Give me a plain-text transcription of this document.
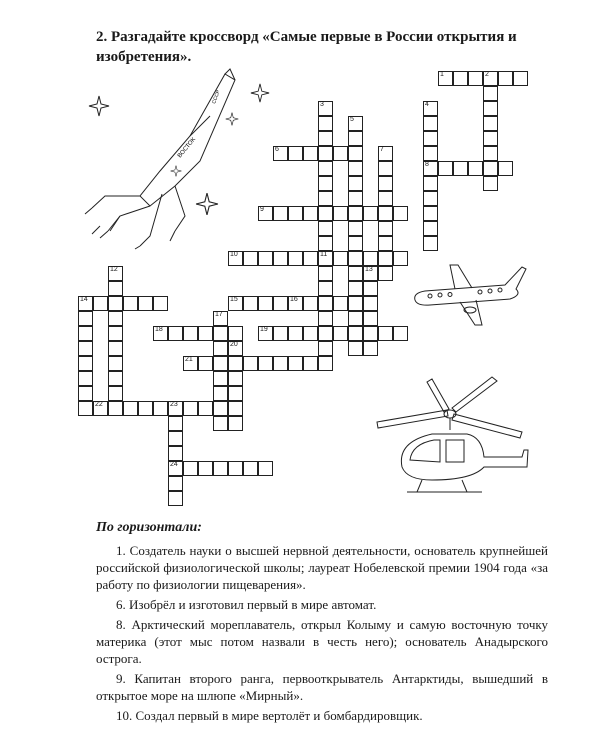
2. Разгадайте кроссворд «Самые первые в России открытия и изобретения».
ВОСТОК
СССР
1	2
6
8
9
10	11
14	15	16
18	19
21
22	23
24
3	4
5
7
12	13
17
20
По горизонтали:

1. Создатель науки о высшей нервной деятельности, основатель крупнейшей российской физиологической школы; лауреат Нобелевской премии 1904 года «за работу по физиологии пищеварения».

6. Изобрёл и изготовил первый в мире автомат.

8. Арктический мореплаватель, открыл Колыму и самую восточную точку материка (этот мыс потом назвали в честь него); основатель Анадырского острога.

9. Капитан второго ранга, первооткрыватель Антарктиды, вышедший в открытое море на шлюпе «Мирный».

10. Создал первый в мире вертолёт и бомбардировщик.
